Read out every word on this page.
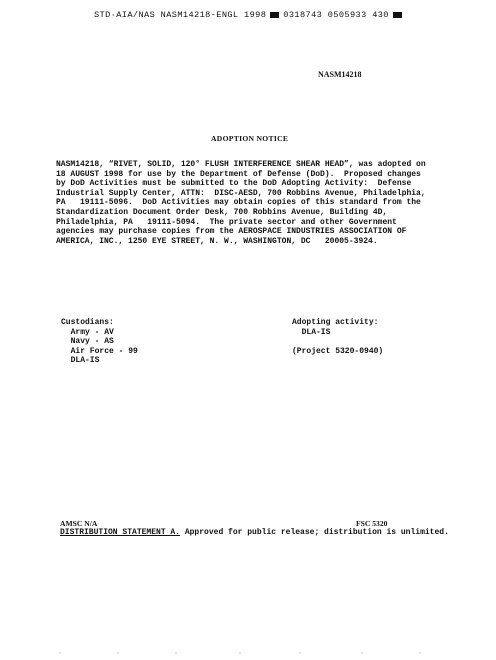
STD·AIA/NAS NASM14218-ENGL 1998 0318743 0505933 430
NASM14218
ADOPTION NOTICE
NASM14218, “RIVET, SOLID, 120° FLUSH INTERFERENCE SHEAR HEAD”, was adopted on
18 AUGUST 1998 for use by the Department of Defense (DoD).  Proposed changes
by DoD Activities must be submitted to the DoD Adopting Activity:  Defense
Industrial Supply Center, ATTN:  DISC-AESD, 700 Robbins Avenue, Philadelphia,
PA   19111-5096.  DoD Activities may obtain copies of this standard from the
Standardization Document Order Desk, 700 Robbins Avenue, Building 4D,
Philadelphia, PA   19111-5094.  The private sector and other Government
agencies may purchase copies from the AEROSPACE INDUSTRIES ASSOCIATION OF
AMERICA, INC., 1250 EYE STREET, N. W., WASHINGTON, DC   20005-3924.
Custodians:
Army - AV
Navy - AS
Air Force - 99
DLA-IS
Adopting activity:
DLA-IS

(Project 5320-0940)
AMSC N/A	FSC 5320
DISTRIBUTION STATEMENT A. Approved for public release; distribution is unlimited.
